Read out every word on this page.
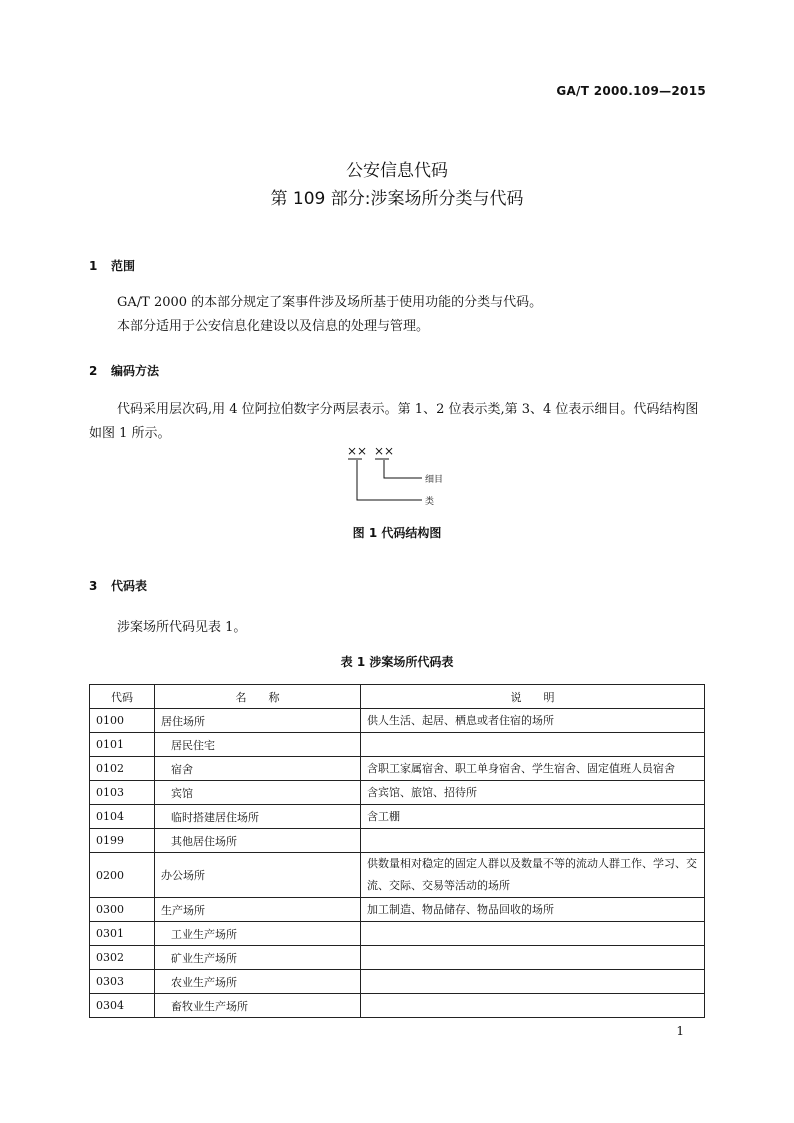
GA/T 2000.109—2015
公安信息代码
第 109 部分:涉案场所分类与代码
1 范围

GA/T 2000 的本部分规定了案事件涉及场所基于使用功能的分类与代码。

本部分适用于公安信息化建设以及信息的处理与管理。

2 编码方法

代码采用层次码,用 4 位阿拉伯数字分两层表示。第 1、2 位表示类,第 3、4 位表示细目。代码结构图如图 1 所示。

×× ××
细目
类
图 1 代码结构图
3 代码表

涉案场所代码见表 1。

表 1 涉案场所代码表
代码	名　　称	说　　明
0100	居住场所	供人生活、起居、栖息或者住宿的场所
0101	居民住宅	
0102	宿舍	含职工家属宿舍、职工单身宿舍、学生宿舍、固定值班人员宿舍
0103	宾馆	含宾馆、旅馆、招待所
0104	临时搭建居住场所	含工棚
0199	其他居住场所	
0200	办公场所	供数量相对稳定的固定人群以及数量不等的流动人群工作、学习、交流、交际、交易等活动的场所
0300	生产场所	加工制造、物品储存、物品回收的场所
0301	工业生产场所	
0302	矿业生产场所	
0303	农业生产场所	
0304	畜牧业生产场所	
1
